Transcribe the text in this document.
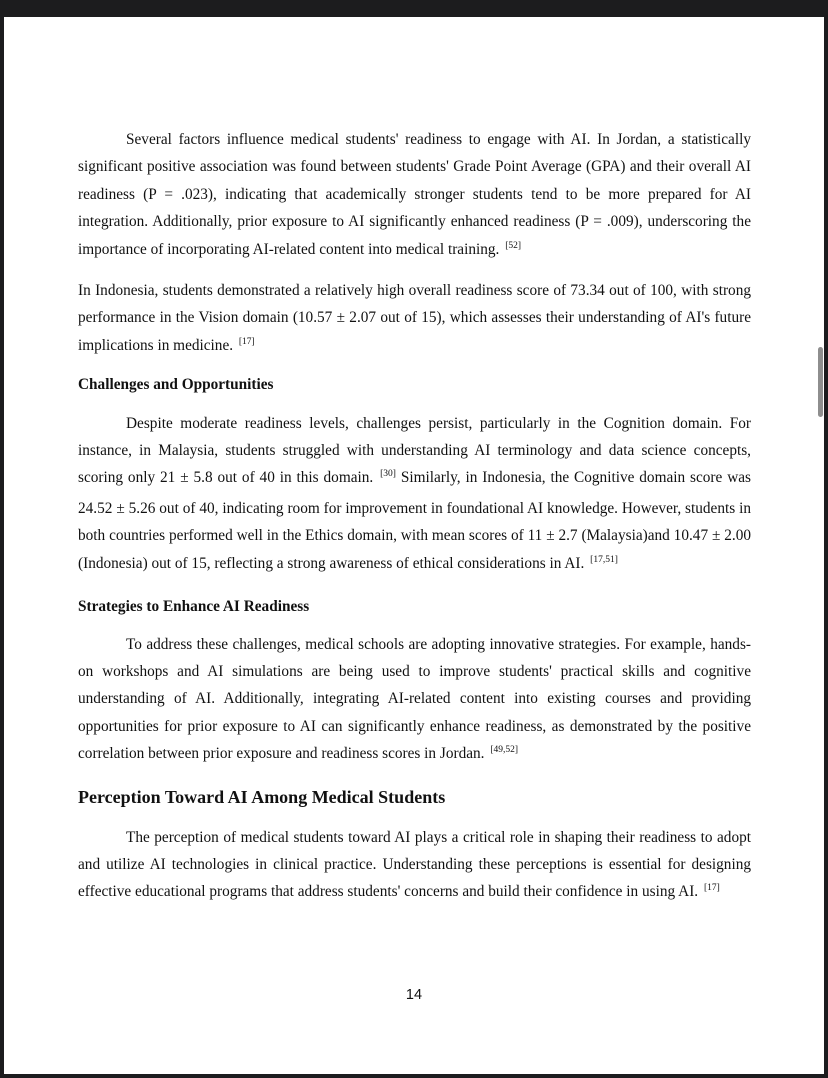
Several factors influence medical students' readiness to engage with AI. In Jordan, a statistically significant positive association was found between students' Grade Point Average (GPA) and their overall AI readiness (P = .023), indicating that academically stronger students tend to be more prepared for AI integration. Additionally, prior exposure to AI significantly enhanced readiness (P = .009), underscoring the importance of incorporating AI-related content into medical training. [52]

In Indonesia, students demonstrated a relatively high overall readiness score of 73.34 out of 100, with strong performance in the Vision domain (10.57 ± 2.07 out of 15), which assesses their understanding of AI's future implications in medicine. [17]

Challenges and Opportunities

Despite moderate readiness levels, challenges persist, particularly in the Cognition domain. For instance, in Malaysia, students struggled with understanding AI terminology and data science concepts, scoring only 21 ± 5.8 out of 40 in this domain. [30] Similarly, in Indonesia, the Cognitive domain score was 24.52 ± 5.26 out of 40, indicating room for improvement in foundational AI knowledge. However, students in both countries performed well in the Ethics domain, with mean scores of 11 ± 2.7 (Malaysia)and 10.47 ± 2.00 (Indonesia) out of 15, reflecting a strong awareness of ethical considerations in AI. [17,51]

Strategies to Enhance AI Readiness

To address these challenges, medical schools are adopting innovative strategies. For example, hands-on workshops and AI simulations are being used to improve students' practical skills and cognitive understanding of AI. Additionally, integrating AI-related content into existing courses and providing opportunities for prior exposure to AI can significantly enhance readiness, as demonstrated by the positive correlation between prior exposure and readiness scores in Jordan. [49,52]

Perception Toward AI Among Medical Students

The perception of medical students toward AI plays a critical role in shaping their readiness to adopt and utilize AI technologies in clinical practice. Understanding these perceptions is essential for designing effective educational programs that address students' concerns and build their confidence in using AI. [17]

14
